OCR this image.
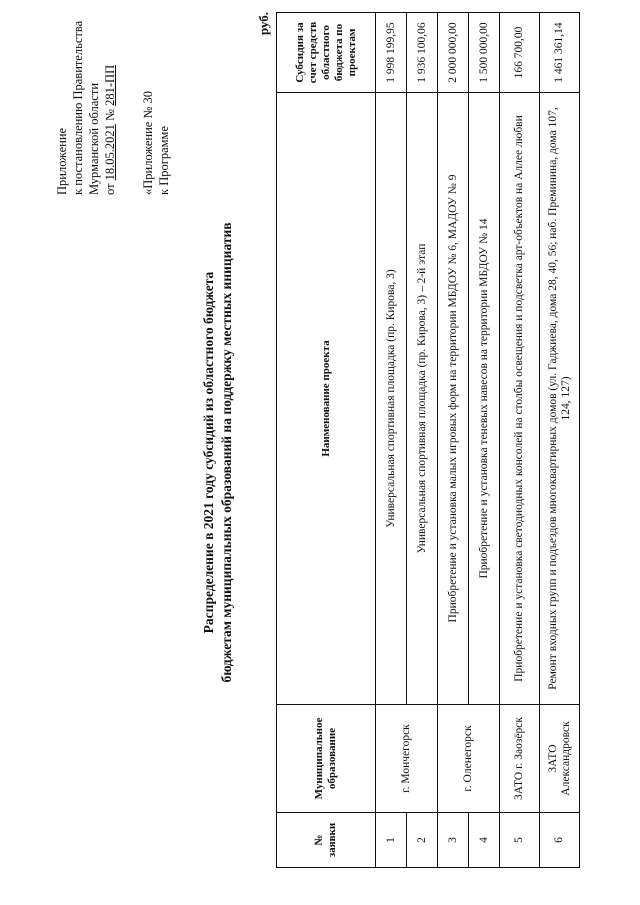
Приложение к постановлению Правительства Мурманской области от 18.05.2021 № 281-ПП
«Приложение № 30 к Программе
Распределение в 2021 году субсидий из областного бюджета бюджетам муниципальных образований на поддержку местных инициатив
руб.
№ заявки	Муниципальное образование	Наименование проекта	Субсидия за счет средств областного бюджета по проектам
1	г. Мончегорск	Универсальная спортивная площадка (пр. Кирова, 3)	1 998 199,95
2		Универсальная спортивная площадка (пр. Кирова, 3) – 2-й этап	1 936 100,06
3	г. Оленегорск	Приобретение и установка малых игровых форм на территории МБДОУ № 6, МАДОУ № 9	2 000 000,00
4		Приобретение и установка теневых навесов на территории МБДОУ № 14	1 500 000,00
5	ЗАТО г. Заозёрск	Приобретение и установка светодиодных консолей на столбы освещения и подсветка арт-объектов на Аллее любви	166 700,00
6	ЗАТО Александровск	Ремонт входных групп и подъездов многоквартирных домов (ул. Гаджиева, дома 28, 40, 56; наб. Преминина, дома 107, 124, 127)	1 461 361,14
